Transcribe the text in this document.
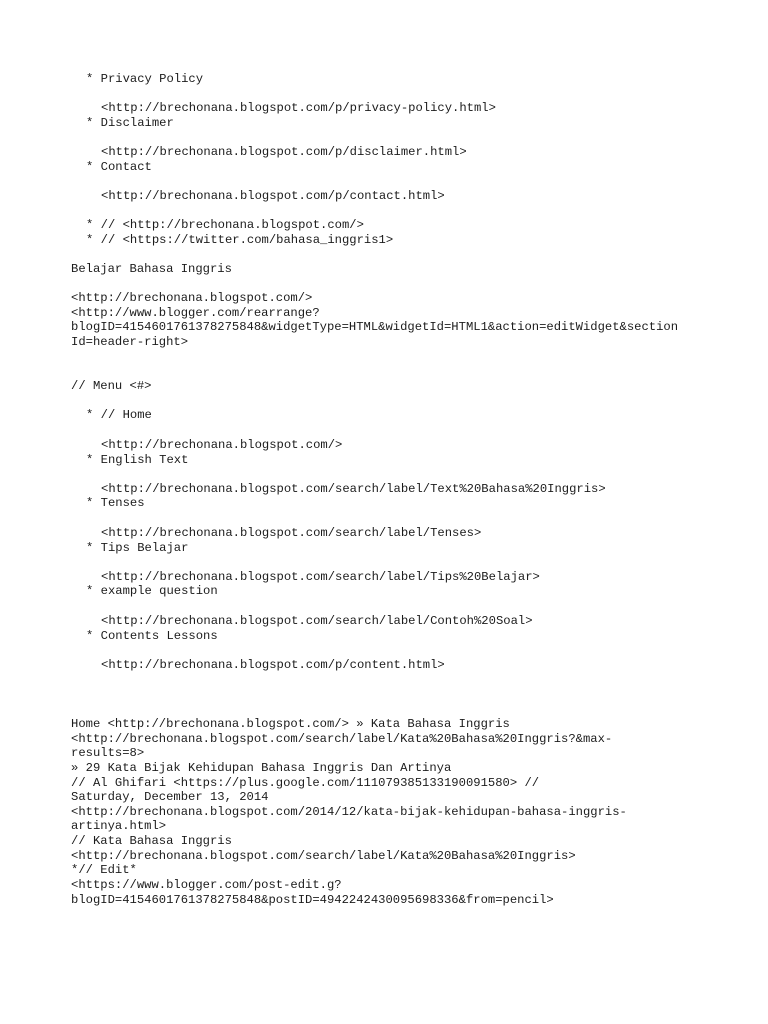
* Privacy Policy
<http://brechonana.blogspot.com/p/privacy-policy.html>
* Disclaimer
<http://brechonana.blogspot.com/p/disclaimer.html>
* Contact
<http://brechonana.blogspot.com/p/contact.html>
* // <http://brechonana.blogspot.com/>
* // <https://twitter.com/bahasa_inggris1>
Belajar Bahasa Inggris
<http://brechonana.blogspot.com/>
<http://www.blogger.com/rearrange?
blogID=4154601761378275848&widgetType=HTML&widgetId=HTML1&action=editWidget&section
Id=header-right>
// Menu <#>
* // Home
<http://brechonana.blogspot.com/>
* English Text
<http://brechonana.blogspot.com/search/label/Text%20Bahasa%20Inggris>
* Tenses
<http://brechonana.blogspot.com/search/label/Tenses>
* Tips Belajar
<http://brechonana.blogspot.com/search/label/Tips%20Belajar>
* example question
<http://brechonana.blogspot.com/search/label/Contoh%20Soal>
* Contents Lessons
<http://brechonana.blogspot.com/p/content.html>
Home <http://brechonana.blogspot.com/> » Kata Bahasa Inggris
<http://brechonana.blogspot.com/search/label/Kata%20Bahasa%20Inggris?&max-
results=8>
» 29 Kata Bijak Kehidupan Bahasa Inggris Dan Artinya
// Al Ghifari <https://plus.google.com/111079385133190091580> //
Saturday, December 13, 2014
<http://brechonana.blogspot.com/2014/12/kata-bijak-kehidupan-bahasa-inggris-
artinya.html>
// Kata Bahasa Inggris
<http://brechonana.blogspot.com/search/label/Kata%20Bahasa%20Inggris>
*// Edit*
<https://www.blogger.com/post-edit.g?
blogID=4154601761378275848&postID=4942242430095698336&from=pencil>
